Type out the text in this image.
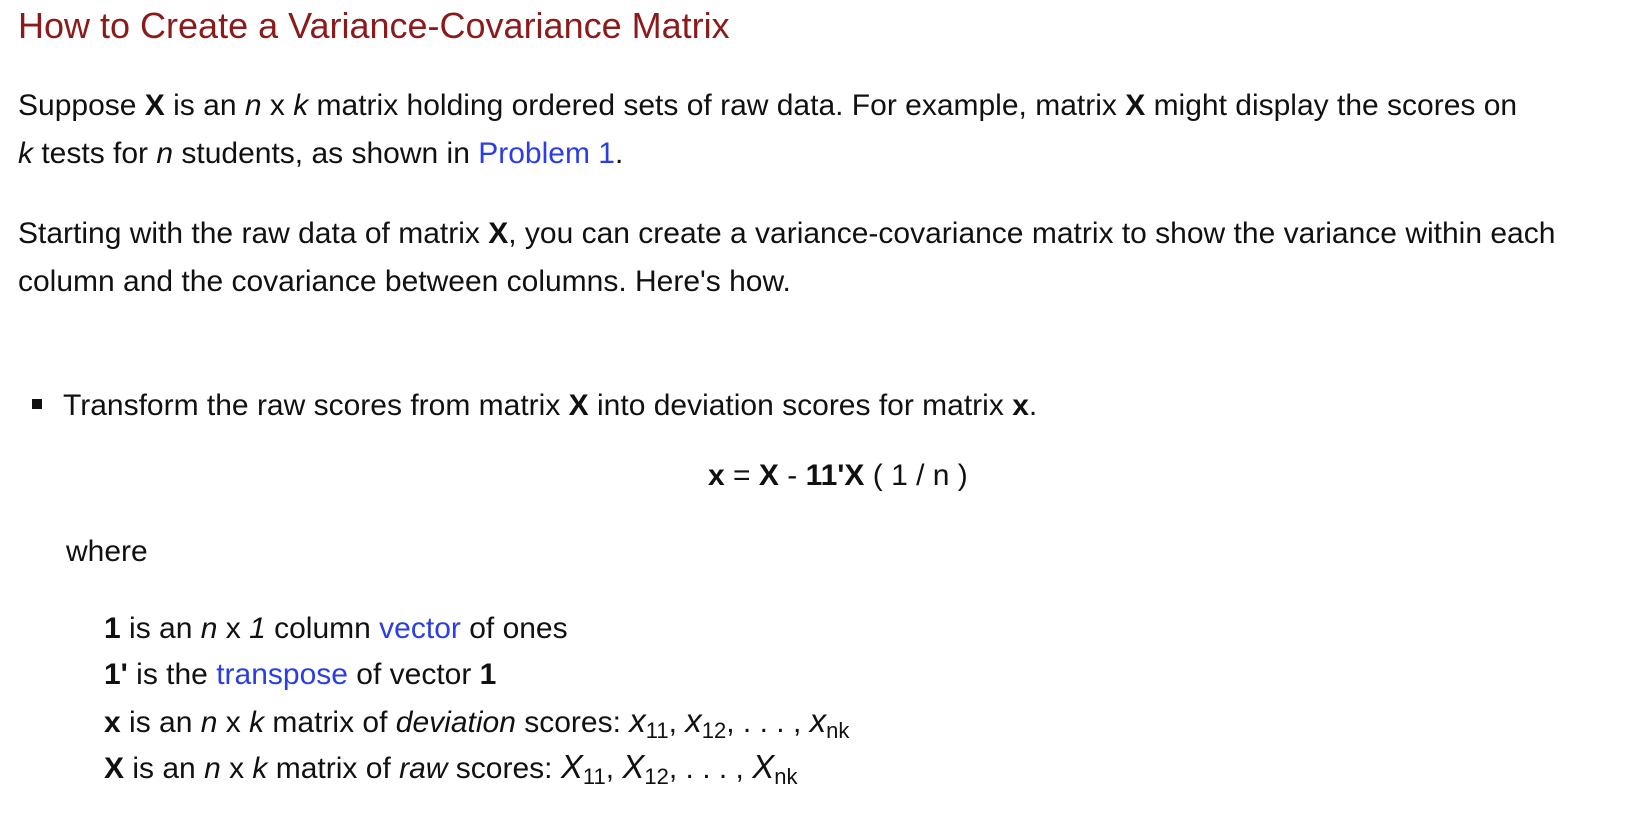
How to Create a Variance-Covariance Matrix

Suppose X is an n x k matrix holding ordered sets of raw data. For example, matrix X might display the scores on
k tests for n students, as shown in Problem 1.

Starting with the raw data of matrix X, you can create a variance-covariance matrix to show the variance within each column and the covariance between columns. Here's how.

Transform the raw scores from matrix X into deviation scores for matrix x.
x = X - 11'X ( 1 / n )
where
1 is an n x 1 column vector of ones
1' is the transpose of vector 1
x is an n x k matrix of deviation scores: $x_{11}$, $x_{12}$, . . . , $x_{nk}$
X is an n x k matrix of raw scores: $X_{11}$, $X_{12}$, . . . , $X_{nk}$
